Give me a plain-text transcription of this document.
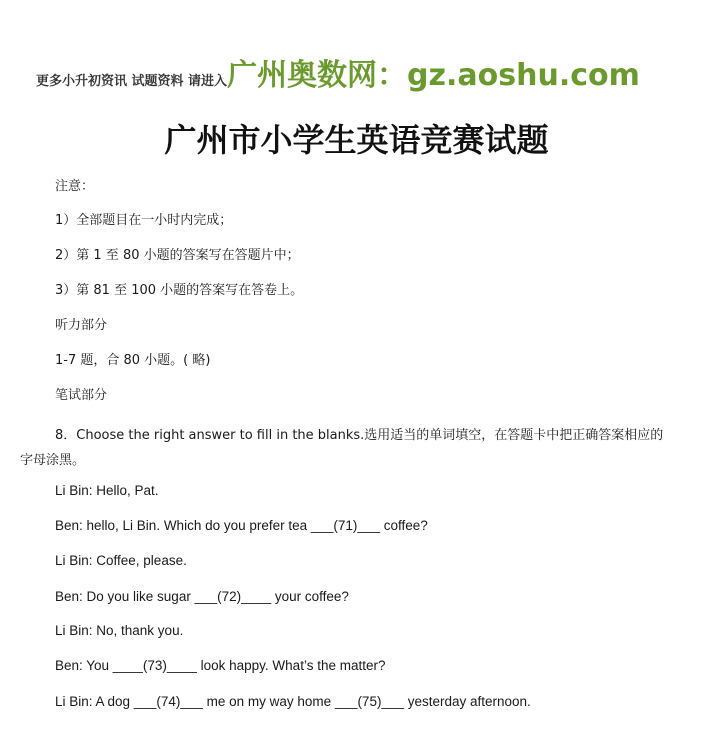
更多小升初资讯 试题资料 请进入广州奥数网：gz.aoshu.com
广州市小学生英语竞赛试题

注意：

1）全部题目在一小时内完成；

2）第 1 至 80 小题的答案写在答题片中；

3）第 81 至 100 小题的答案写在答卷上。

听力部分

1-7 题，合 80 小题。( 略)

笔试部分

8．Choose the right answer to fill in the blanks.选用适当的单词填空，在答题卡中把正确答案相应的字母涂黑。

Li Bin: Hello, Pat.

Ben: hello, Li Bin. Which do you prefer tea ___(71)___ coffee?

Li Bin: Coffee, please.

Ben: Do you like sugar ___(72)____ your coffee?

Li Bin: No, thank you.

Ben: You ____(73)____ look happy. What’s the matter?

Li Bin: A dog ___(74)___ me on my way home ___(75)___ yesterday afternoon.
